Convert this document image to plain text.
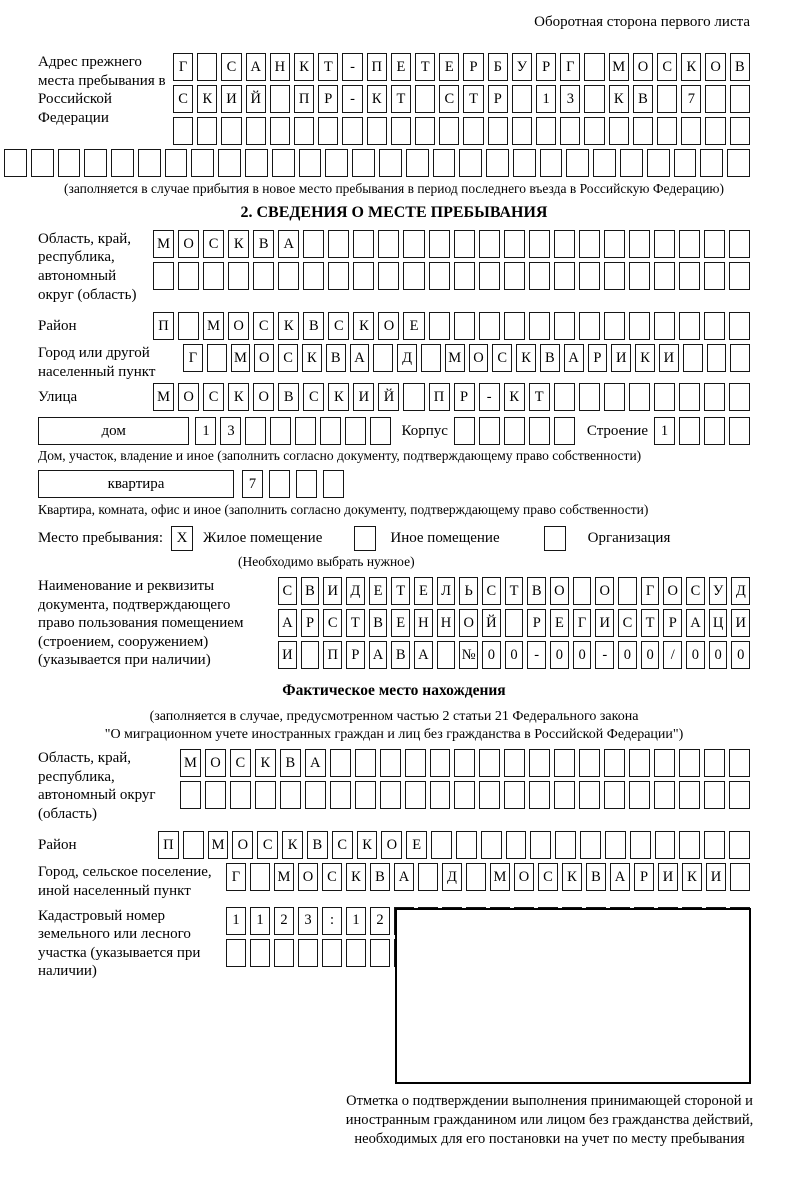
Оборотная сторона первого листа
Адрес прежнего места пребывания в Российской Федерации
Г	С А Н К	Т	-	П	Е	Т	Е	Р	Б	У	Р	Г	М О С	К О В
С	К И Й	П	Р	-	К	Т	С	Т	Р	1	3	К	В	7
(заполняется в случае прибытия в новое место пребывания в период последнего въезда в Российскую Федерацию)
2. СВЕДЕНИЯ О МЕСТЕ ПРЕБЫВАНИЯ
Область, край, республика, автономный округ (область)
М О	С	К	В	А
Район	П	М О	С	К	В	С	К	О	Е
Город или другой населенный пункт
Г	М О С К В А	Д	М О С К В А	Р	И К И
Улица	М О	С	К	О	В	С	К	И	Й	П	Р	-	К	Т
дом	1	3	Корпус	Строение 1
Дом, участок, владение и иное (заполнить согласно документу, подтверждающему право собственности)
квартира	7
Квартира, комната, офис и иное (заполнить согласно документу, подтверждающему право собственности)
Место пребывания: X	Жилое помещение	Иное помещение	Организация
(Необходимо выбрать нужное)
Наименование и реквизиты документа, подтверждающего право пользования помещением (строением, сооружением) (указывается при наличии)
С В И Д Е Т Е Л Ь С Т В О О	Г О С У Д
А Р С Т В Е Н Н О Й	Р Е Г И С Т Р А Ц И
И П Р А В А № 0	0	-	0	0	-	0	0	/	0	0	0
Фактическое место нахождения
(заполняется в случае, предусмотренном частью 2 статьи 21 Федерального закона
"О миграционном учете иностранных граждан и лиц без гражданства в Российской Федерации")
Область, край, республика, автономный округ (область)
М О	С	К	В	А
Район	П	М О	С	К	В	С	К	О	Е
Город, сельское поселение, иной населенный пункт
Г	М О С К В А	Д	М О С К В А	Р	И К И
Кадастровый номер земельного или лесного участка (указывается при наличии)
1	1	2	3	:	1	2
Отметка о подтверждении выполнения принимающей стороной и иностранным гражданином или лицом без гражданства действий, необходимых для его постановки на учет по месту пребывания
